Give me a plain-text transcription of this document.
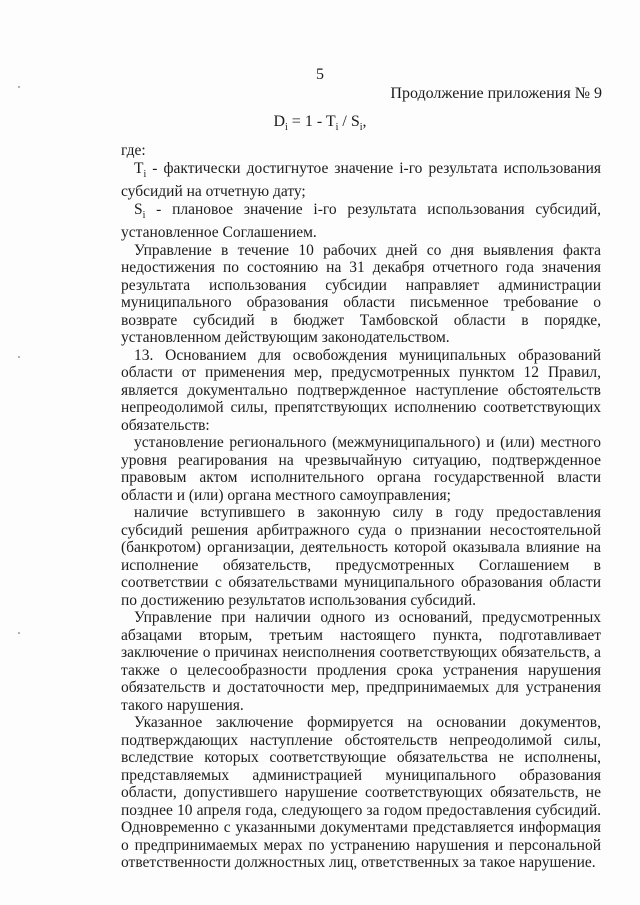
5
Продолжение приложения № 9
$D_i = 1 - T_i / S_i$,

где:

$T_i$ - фактически достигнутое значение i-го результата использования субсидий на отчетную дату;

$S_i$ - плановое значение i-го результата использования субсидий, установленное Соглашением.

Управление в течение 10 рабочих дней со дня выявления факта недостижения по состоянию на 31 декабря отчетного года значения результата использования субсидии направляет администрации муниципального образования области письменное требование о возврате субсидий в бюджет Тамбовской области в порядке, установленном действующим законодательством.

13. Основанием для освобождения муниципальных образований области от применения мер, предусмотренных пунктом 12 Правил, является документально подтвержденное наступление обстоятельств непреодолимой силы, препятствующих исполнению соответствующих обязательств:

установление регионального (межмуниципального) и (или) местного уровня реагирования на чрезвычайную ситуацию, подтвержденное правовым актом исполнительного органа государственной власти области и (или) органа местного самоуправления;

наличие вступившего в законную силу в году предоставления субсидий решения арбитражного суда о признании несостоятельной (банкротом) организации, деятельность которой оказывала влияние на исполнение обязательств, предусмотренных Соглашением в соответствии с обязательствами муниципального образования области по достижению результатов использования субсидий.

Управление при наличии одного из оснований, предусмотренных абзацами вторым, третьим настоящего пункта, подготавливает заключение о причинах неисполнения соответствующих обязательств, а также о целесообразности продления срока устранения нарушения обязательств и достаточности мер, предпринимаемых для устранения такого нарушения.

Указанное заключение формируется на основании документов, подтверждающих наступление обстоятельств непреодолимой силы, вследствие которых соответствующие обязательства не исполнены, представляемых администрацией муниципального образования области, допустившего нарушение соответствующих обязательств, не позднее 10 апреля года, следующего за годом предоставления субсидий. Одновременно с указанными документами представляется информация о предпринимаемых мерах по устранению нарушения и персональной ответственности должностных лиц, ответственных за такое нарушение.
